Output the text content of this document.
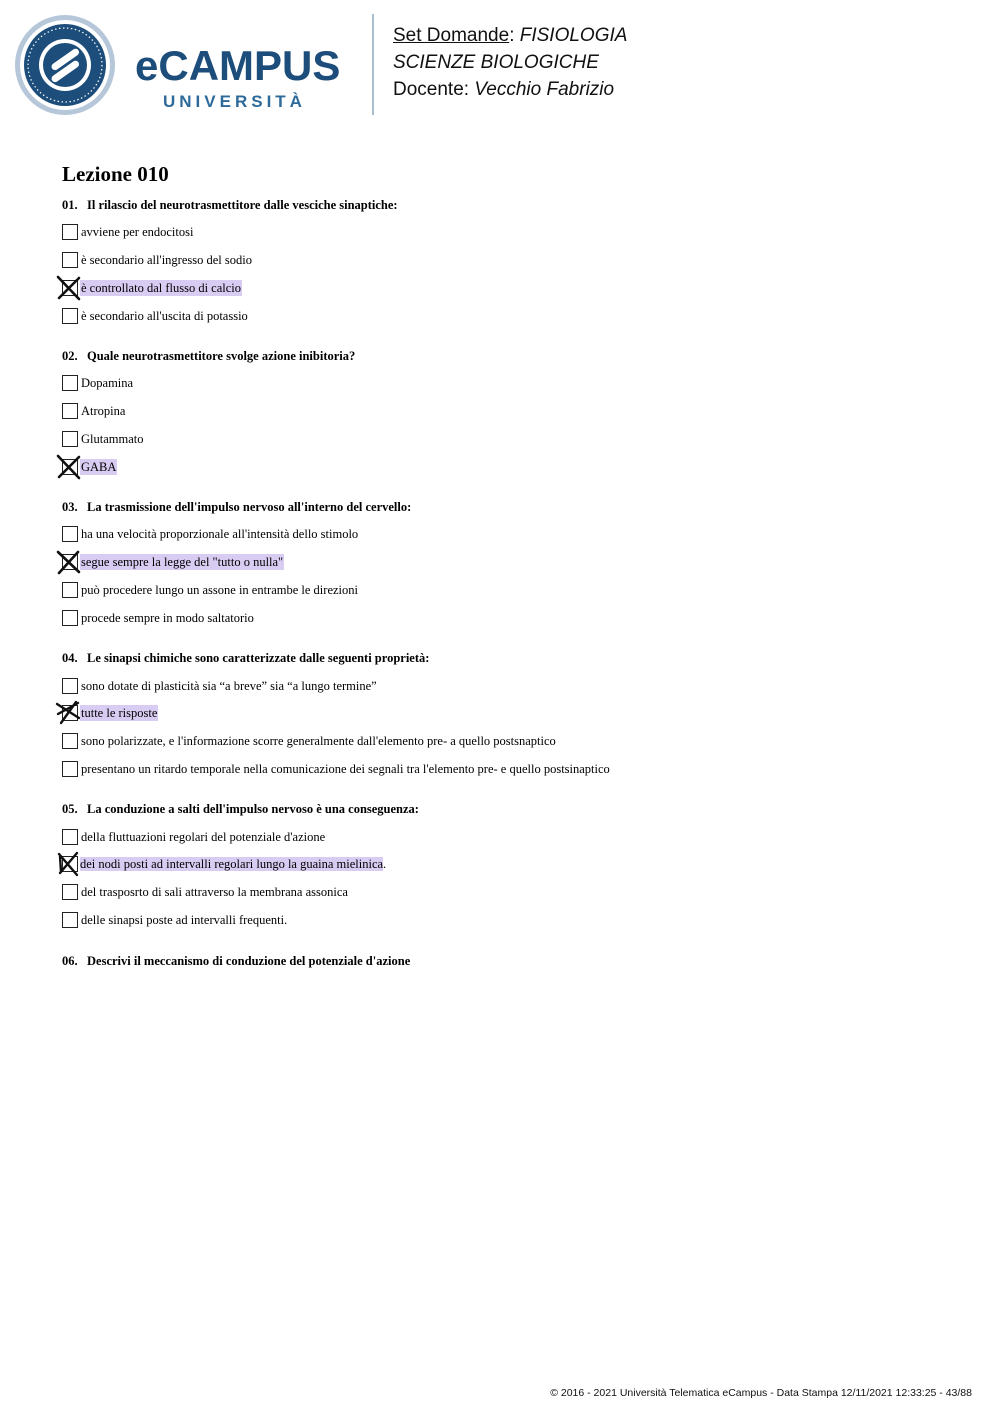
eCAMPUS
UNIVERSITÀ
Set Domande: FISIOLOGIA
SCIENZE BIOLOGICHE
Docente: Vecchio Fabrizio
Lezione 010
01. Il rilascio del neurotrasmettitore dalle vesciche sinaptiche:
avviene per endocitosi
è secondario all'ingresso del sodio
è controllato dal flusso di calcio
è secondario all'uscita di potassio
02. Quale neurotrasmettitore svolge azione inibitoria?
Dopamina
Atropina
Glutammato
GABA
03. La trasmissione dell'impulso nervoso all'interno del cervello:
ha una velocità proporzionale all'intensità dello stimolo
segue sempre la legge del "tutto o nulla"
può procedere lungo un assone in entrambe le direzioni
procede sempre in modo saltatorio
04. Le sinapsi chimiche sono caratterizzate dalle seguenti proprietà:
sono dotate di plasticità sia “a breve” sia “a lungo termine”
tutte le risposte
sono polarizzate, e l'informazione scorre generalmente dall'elemento pre- a quello postsnaptico
presentano un ritardo temporale nella comunicazione dei segnali tra l'elemento pre- e quello postsinaptico
05. La conduzione a salti dell'impulso nervoso è una conseguenza:
della fluttuazioni regolari del potenziale d'azione
dei nodi posti ad intervalli regolari lungo la guaina mielinica.
del trasposrto di sali attraverso la membrana assonica
delle sinapsi poste ad intervalli frequenti.
06. Descrivi il meccanismo di conduzione del potenziale d'azione
© 2016 - 2021 Università Telematica eCampus - Data Stampa 12/11/2021 12:33:25 - 43/88
